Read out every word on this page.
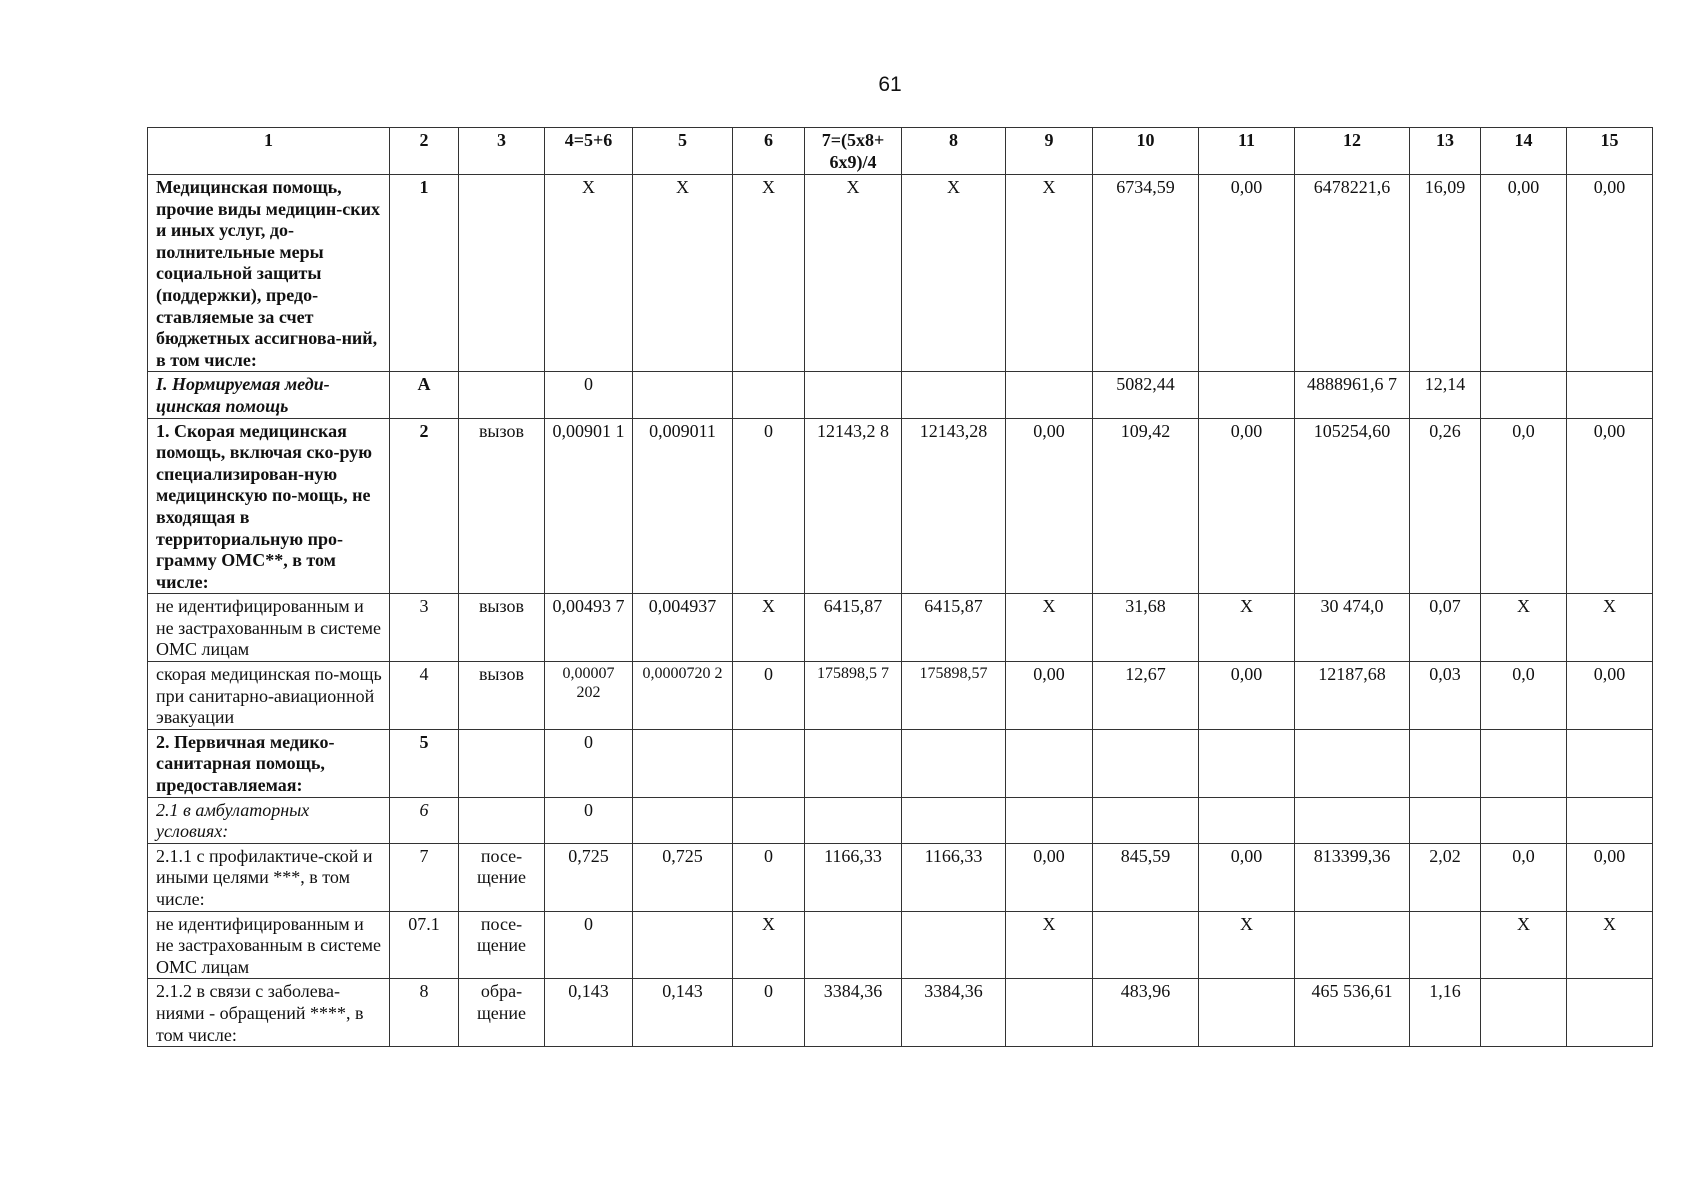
61
1	2	3	4=5+6	5	6	7=(5x8+ 6x9)/4	8	9	10	11	12	13	14	15
Медицинская помощь, прочие виды медицин-ских и иных услуг, до-полнительные меры социальной защиты (поддержки), предо-ставляемые за счет бюджетных ассигнова-ний, в том числе:	1		X	X	X	X	X	X	6734,59	0,00	6478221,6	16,09	0,00	0,00
I. Нормируемая меди-цинская помощь	А		0						5082,44		4888961,6 7	12,14		
1. Скорая медицинская помощь, включая ско-рую специализирован-ную медицинскую по-мощь, не входящая в территориальную про-грамму ОМС**, в том числе:	2	вызов	0,00901 1	0,009011	0	12143,2 8	12143,28	0,00	109,42	0,00	105254,60	0,26	0,0	0,00
не идентифицированным и не застрахованным в системе ОМС лицам	3	вызов	0,00493 7	0,004937	X	6415,87	6415,87	X	31,68	X	30 474,0	0,07	X	X
скорая медицинская по-мощь при санитарно-авиационной эвакуации	4	вызов	0,00007 202	0,0000720 2	0	175898,5 7	175898,57	0,00	12,67	0,00	12187,68	0,03	0,0	0,00
2. Первичная медико-санитарная помощь, предоставляемая:	5		0											
2.1 в амбулаторных условиях:	6		0											
2.1.1 с профилактиче-ской и иными целями ***, в том числе:	7	посе-щение	0,725	0,725	0	1166,33	1166,33	0,00	845,59	0,00	813399,36	2,02	0,0	0,00
не идентифицированным и не застрахованным в системе ОМС лицам	07.1	посе-щение	0		X			X		X			X	X
2.1.2 в связи с заболева-ниями - обращений ****, в том числе:	8	обра-щение	0,143	0,143	0	3384,36	3384,36		483,96		465 536,61	1,16		
